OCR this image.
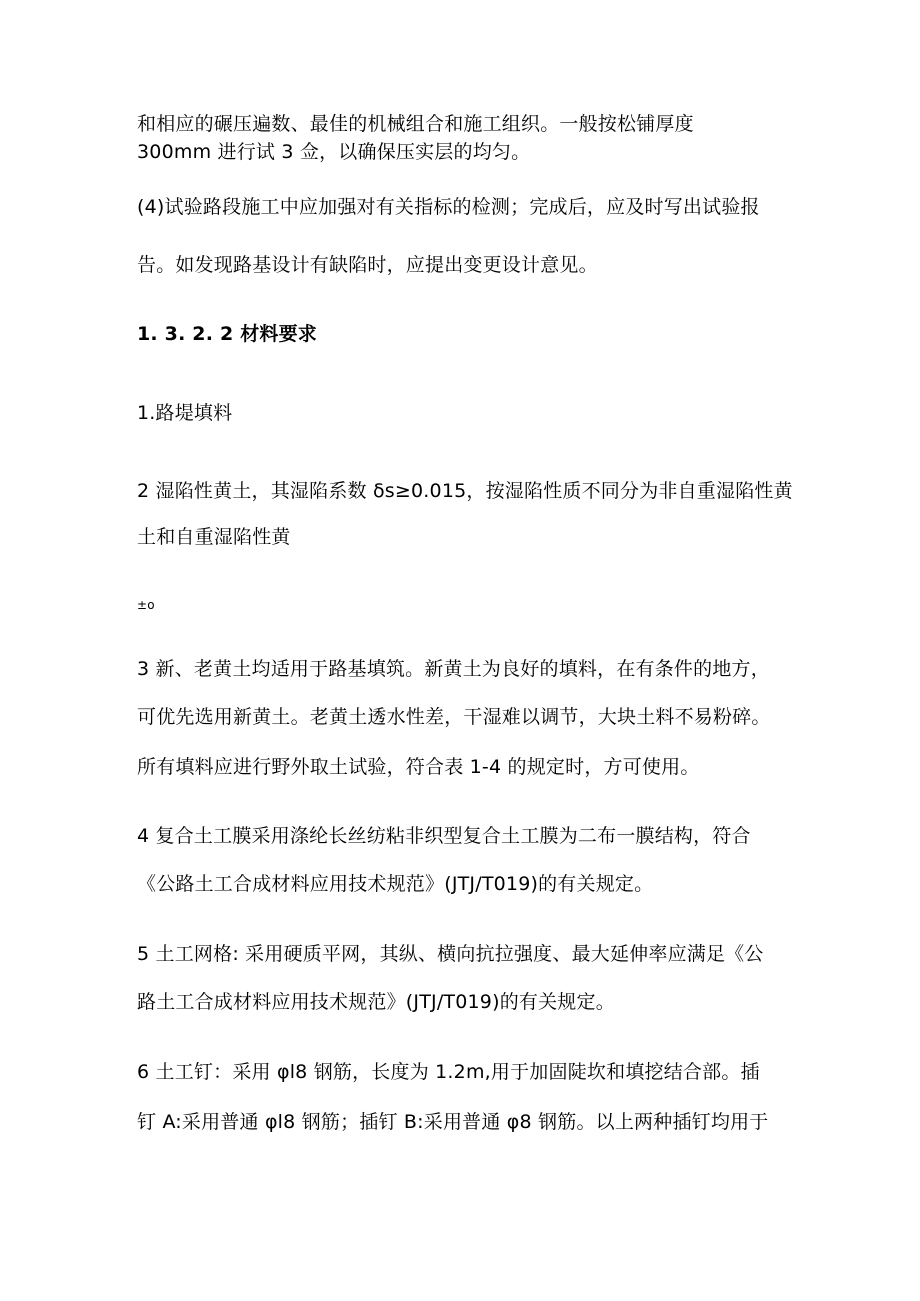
和相应的碾压遍数、最佳的机械组合和施工组织。一般按松铺厚度
300mm 进行试 3 佥，以确保压实层的均匀。
(4)试验路段施工中应加强对有关指标的检测；完成后，应及时写出试验报
告。如发现路基设计有缺陷时，应提出变更设计意见。
1. 3. 2. 2 材料要求
1.路堤填料
2 湿陷性黄土，其湿陷系数 δs≥0.015，按湿陷性质不同分为非自重湿陷性黄
土和自重湿陷性黄
±o
3 新、老黄土均适用于路基填筑。新黄土为良好的填料，在有条件的地方，
可优先选用新黄土。老黄土透水性差，干湿难以调节，大块土料不易粉碎。
所有填料应进行野外取土试验，符合表 1-4 的规定时，方可使用。
4 复合土工膜采用涤纶长丝纺粘非织型复合土工膜为二布一膜结构，符合
《公路土工合成材料应用技术规范》(JTJ/T019)的有关规定。
5 土工网格: 采用硬质平网，其纵、横向抗拉强度、最大延伸率应满足《公
路土工合成材料应用技术规范》(JTJ/T019)的有关规定。
6 土工钉：采用 φl8 钢筋，长度为 1.2m,用于加固陡坎和填挖结合部。插
钉 A:采用普通 φl8 钢筋；插钉 B:采用普通 φ8 钢筋。以上两种插钉均用于
